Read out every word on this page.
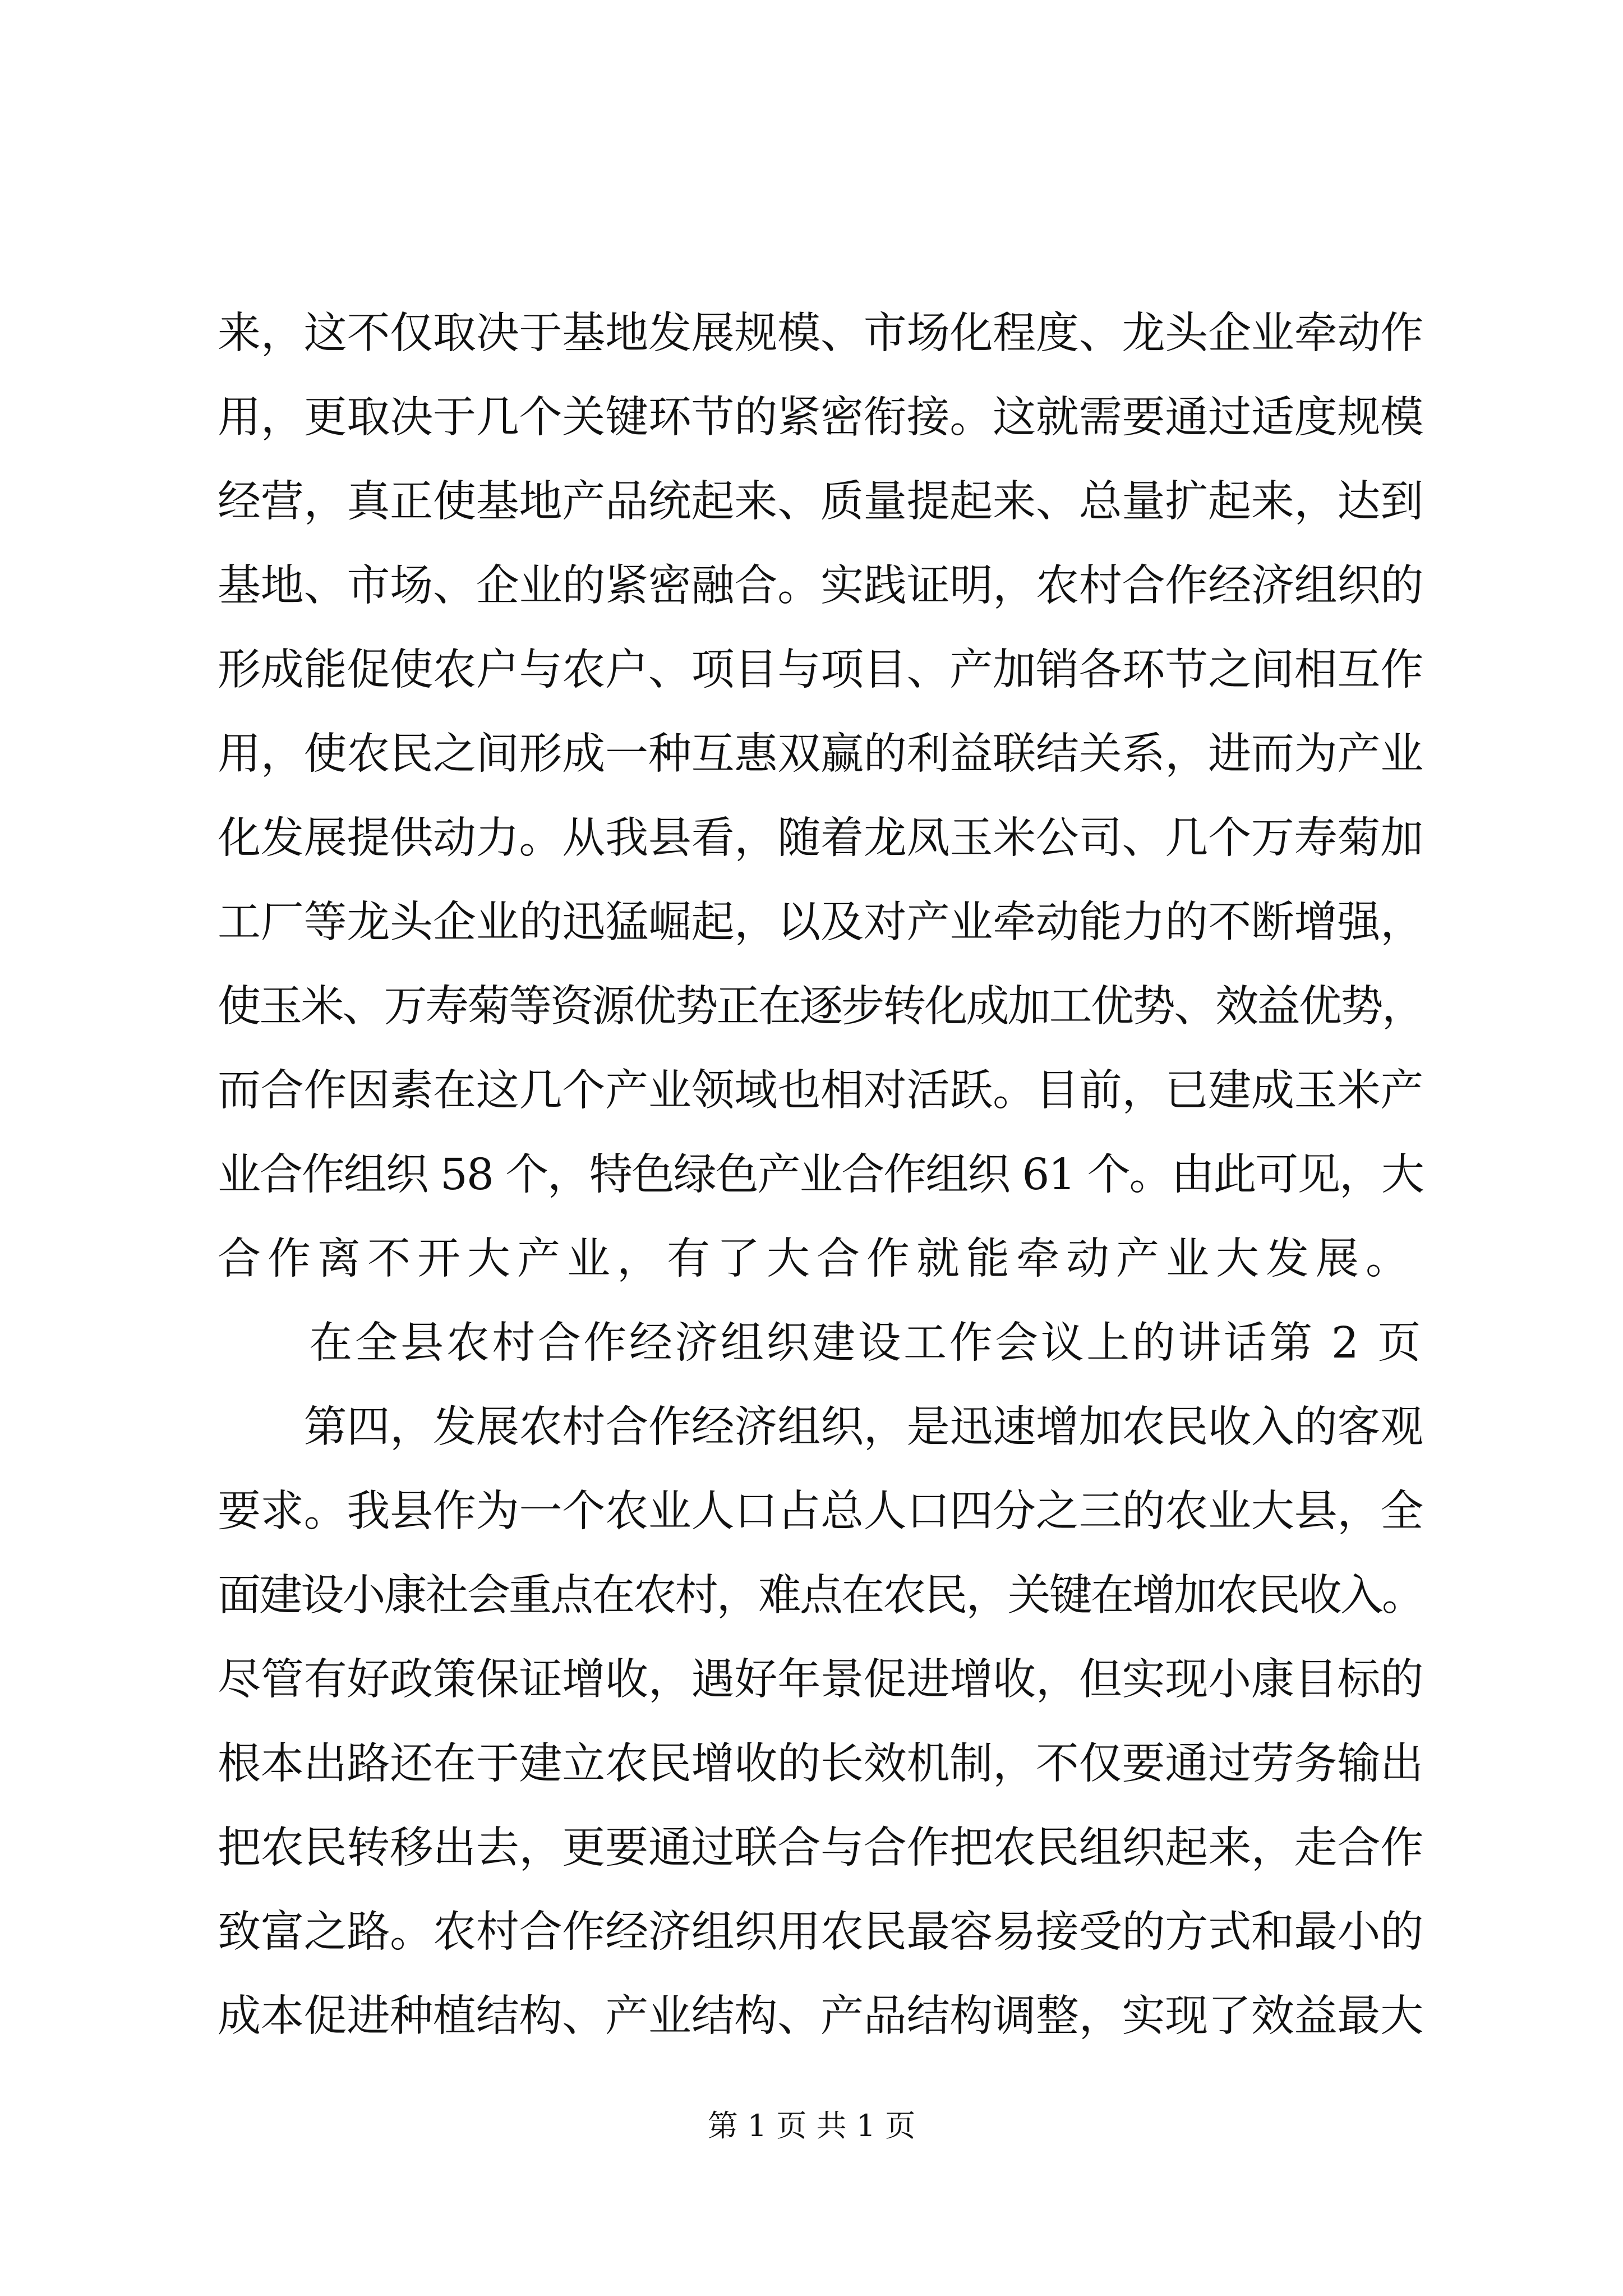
来，这不仅取决于基地发展规模、市场化程度、龙头企业牵动作
用，更取决于几个关键环节的紧密衔接。这就需要通过适度规模
经营，真正使基地产品统起来、质量提起来、总量扩起来，达到
基地、市场、企业的紧密融合。实践证明，农村合作经济组织的
形成能促使农户与农户、项目与项目、产加销各环节之间相互作
用，使农民之间形成一种互惠双赢的利益联结关系，进而为产业
化发展提供动力。从我县看，随着龙凤玉米公司、几个万寿菊加
工厂等龙头企业的迅猛崛起，以及对产业牵动能力的不断增强，
使玉米、万寿菊等资源优势正在逐步转化成加工优势、效益优势，
而合作因素在这几个产业领域也相对活跃。目前，已建成玉米产
业合作组织 58 个，特色绿色产业合作组织 61 个。由此可见，大
合作离不开大产业，有了大合作就能牵动产业大发展。
　　在全县农村合作经济组织建设工作会议上的讲话第 2 页
　　第四，发展农村合作经济组织，是迅速增加农民收入的客观
要求。我县作为一个农业人口占总人口四分之三的农业大县，全
面建设小康社会重点在农村，难点在农民，关键在增加农民收入。
尽管有好政策保证增收，遇好年景促进增收，但实现小康目标的
根本出路还在于建立农民增收的长效机制，不仅要通过劳务输出
把农民转移出去，更要通过联合与合作把农民组织起来，走合作
致富之路。农村合作经济组织用农民最容易接受的方式和最小的
成本促进种植结构、产业结构、产品结构调整，实现了效益最大
第 1 页 共 1 页
